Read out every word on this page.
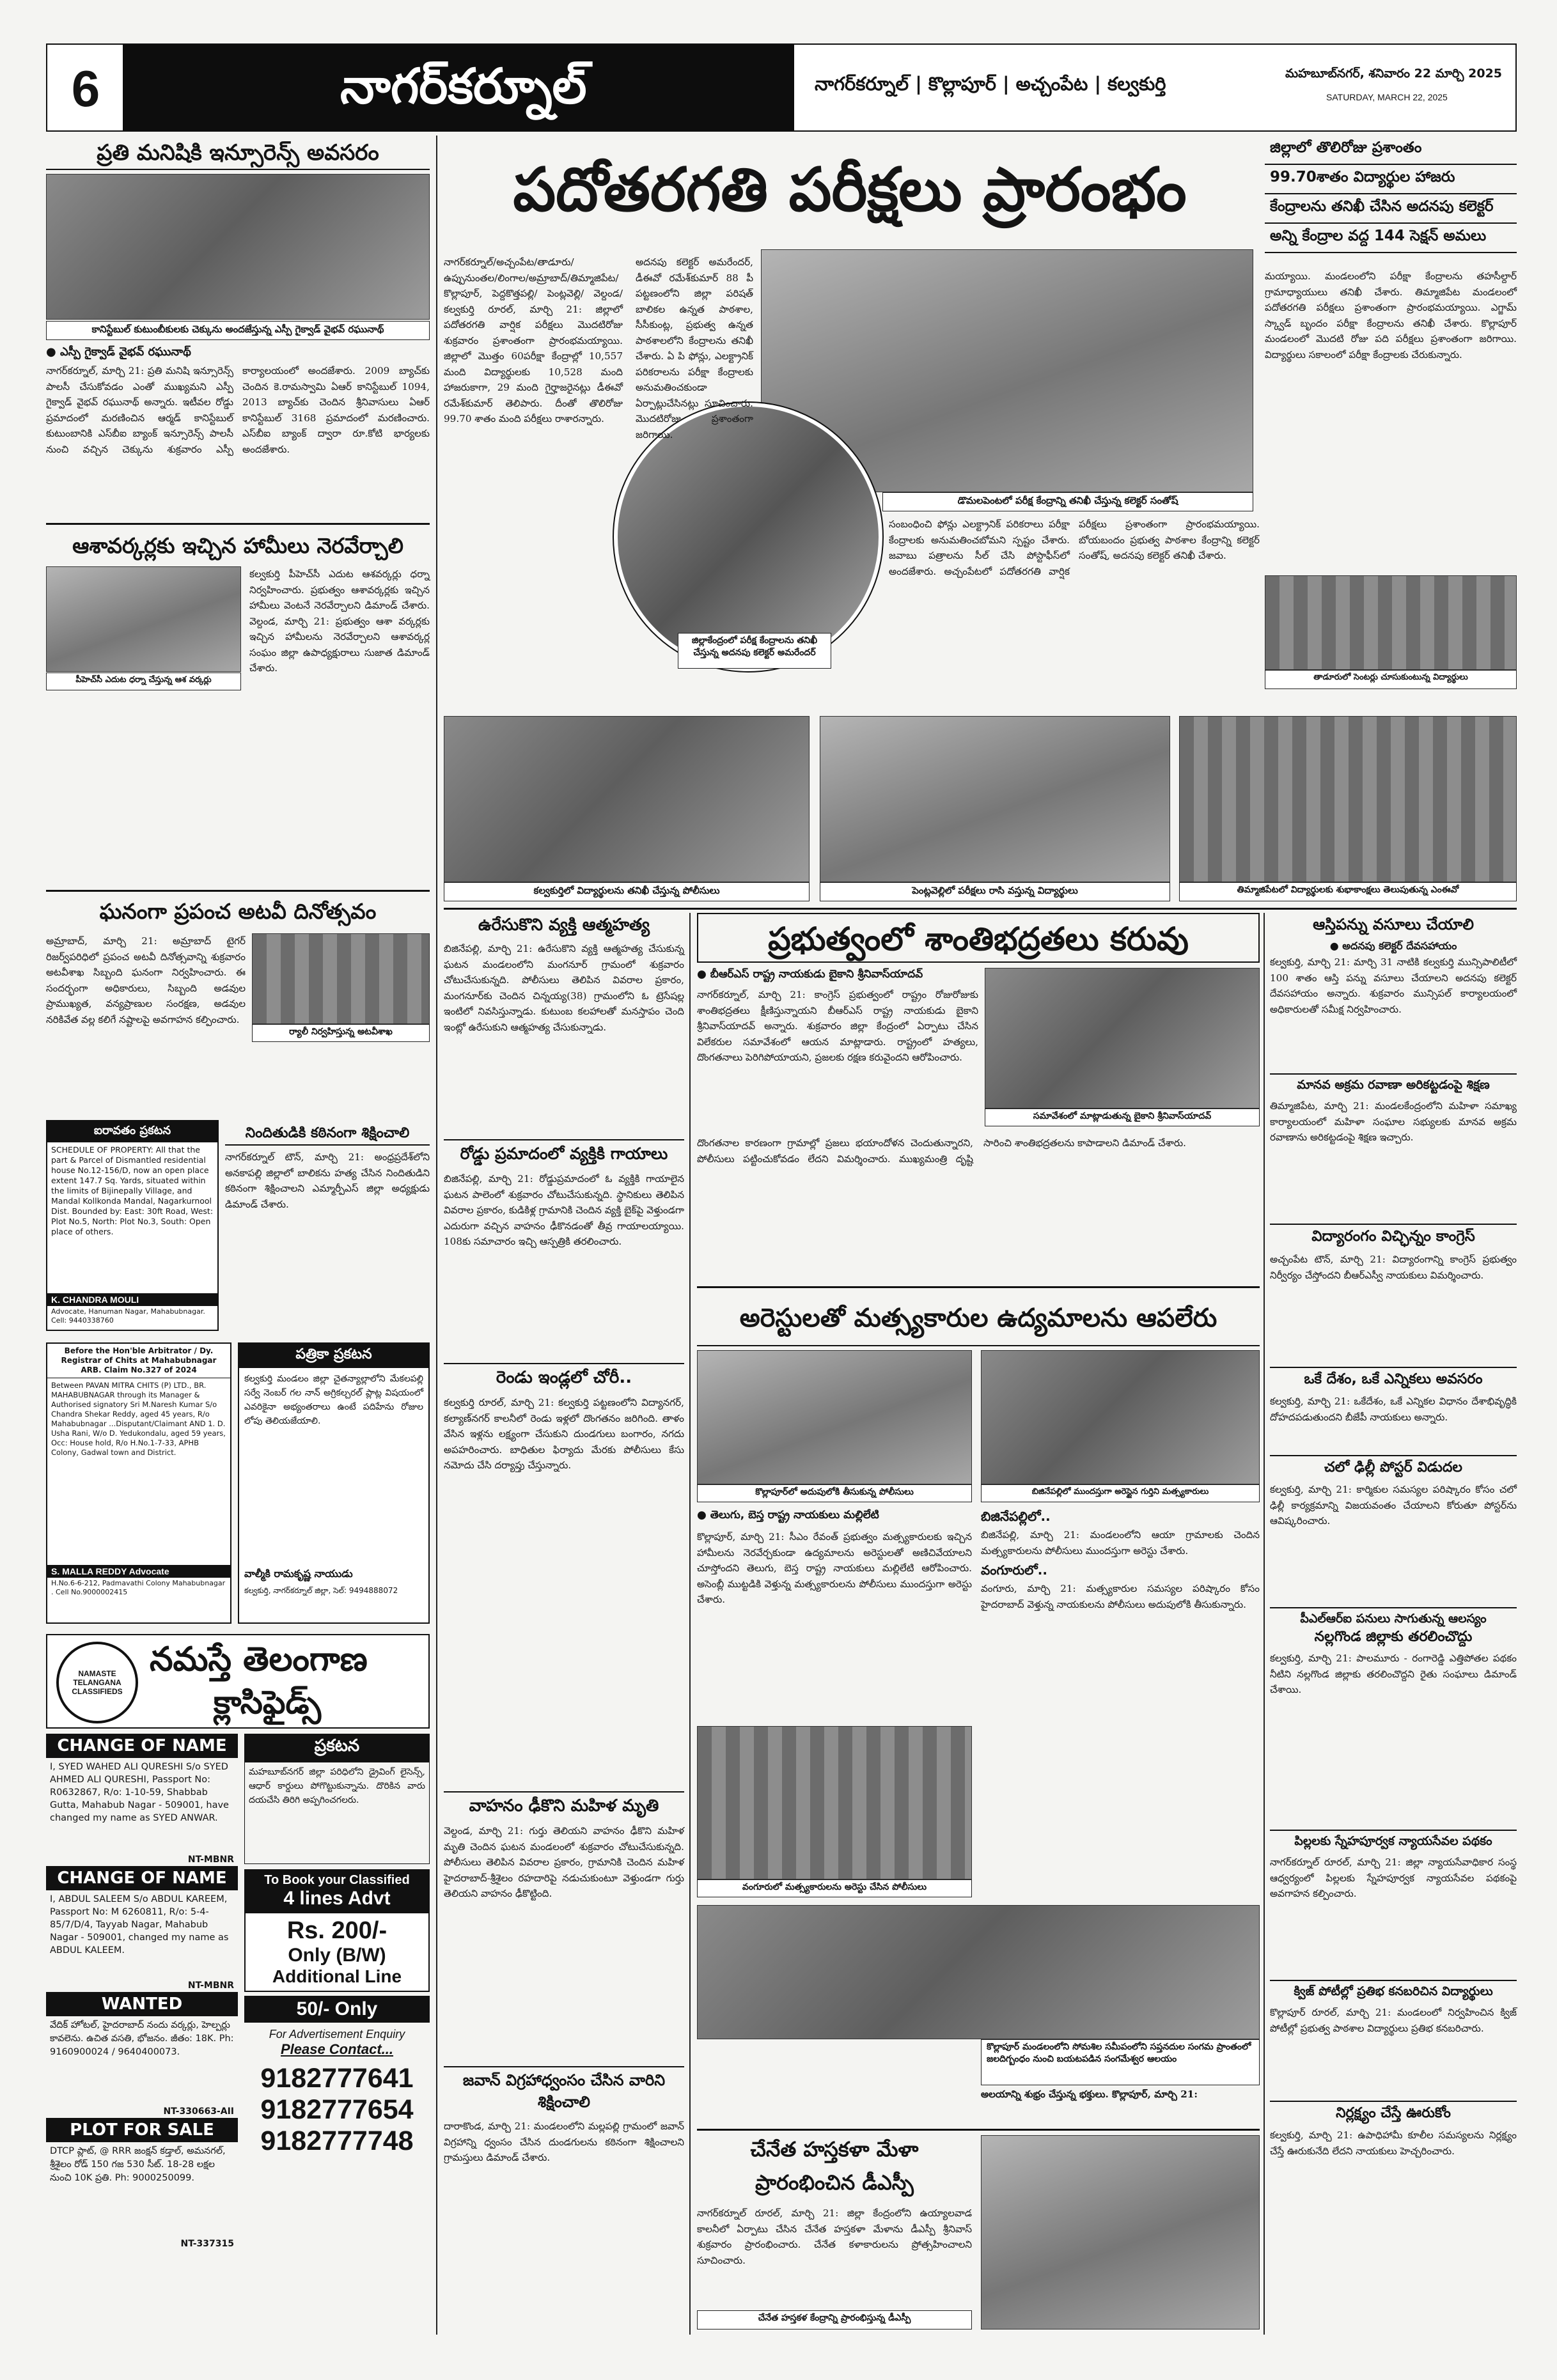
6	నాగర్‌కర్నూల్	నాగర్‌కర్నూల్ | కొల్లాపూర్ | అచ్చంపేట | కల్వకుర్తి	మహబూబ్‌నగర్, శనివారం 22 మార్చి 2025
SATURDAY, MARCH 22, 2025
ప్రతి మనిషికి ఇన్సూరెన్స్ అవసరం
కానిస్టేబుల్ కుటుంబీకులకు చెక్కును అందజేస్తున్న ఎస్పీ గైక్వాడ్ వైభవ్ రఘునాథ్
● ఎస్పీ గైక్వాడ్ వైభవ్ రఘునాథ్
నాగర్‌కర్నూల్, మార్చి 21: ప్రతి మనిషి ఇన్సూరెన్స్ పాలసీ చేసుకోవడం ఎంతో ముఖ్యమని ఎస్పీ గైక్వాడ్ వైభవ్ రఘునాథ్ అన్నారు. ఇటీవల రోడ్డు ప్రమాదంలో మరణించిన ఆర్మడ్ కానిస్టేబుల్ కుటుంబానికి ఎస్‌బీఐ బ్యాంక్ ఇన్సూరెన్స్ పాలసీ నుంచి వచ్చిన చెక్కును శుక్రవారం ఎస్పీ కార్యాలయంలో అందజేశారు. 2009 బ్యాచ్‌కు చెందిన కె.రామస్వామి ఏఆర్ కానిస్టేబుల్ 1094, 2013 బ్యాచ్‌కు చెందిన శ్రీనివాసులు ఏఆర్ కానిస్టేబుల్ 3168 ప్రమాదంలో మరణించారు. ఎస్‌బీఐ బ్యాంక్ ద్వారా రూ.కోటి భార్యలకు అందజేశారు.
ఆశావర్కర్లకు ఇచ్చిన హామీలు నెరవేర్చాలి
పీహెచ్‌సీ ఎదుట ధర్నా చేస్తున్న ఆశ వర్కర్లు
కల్వకుర్తి పీహెచ్‌సీ ఎదుట ఆశవర్కర్లు ధర్నా నిర్వహించారు. ప్రభుత్వం ఆశావర్కర్లకు ఇచ్చిన హామీలు వెంటనే నెరవేర్చాలని డిమాండ్ చేశారు. వెల్దండ, మార్చి 21: ప్రభుత్వం ఆశా వర్కర్లకు ఇచ్చిన హామీలను నెరవేర్చాలని ఆశావర్కర్ల సంఘం జిల్లా ఉపాధ్యక్షురాలు సుజాత డిమాండ్ చేశారు.
ఘనంగా ప్రపంచ అటవీ దినోత్సవం
ర్యాలీ నిర్వహిస్తున్న అటవీశాఖ
అమ్రాబాద్, మార్చి 21: అమ్రాబాద్ టైగర్ రిజర్వ్‌పరిధిలో ప్రపంచ అటవీ దినోత్సవాన్ని శుక్రవారం అటవీశాఖ సిబ్బంది ఘనంగా నిర్వహించారు. ఈ సందర్భంగా అధికారులు, సిబ్బంది అడవుల ప్రాముఖ్యత, వన్యప్రాణుల సంరక్షణ, అడవుల నరికివేత వల్ల కలిగే నష్టాలపై అవగాహన కల్పించారు.
ఐరావతం ప్రకటన
SCHEDULE OF PROPERTY: All that the part & Parcel of Dismantled residential house No.12-156/D, now an open place extent 147.7 Sq. Yards, situated within the limits of Bijinepally Village, and Mandal Kollkonda Mandal, Nagarkurnool Dist. Bounded by: East: 30ft Road, West: Plot No.5, North: Plot No.3, South: Open place of others.
K. CHANDRA MOULI
Advocate, Hanuman Nagar, Mahabubnagar. Cell: 9440338760
నిందితుడికి కఠినంగా శిక్షించాలి
నాగర్‌కర్నూల్ టౌన్, మార్చి 21: అంధ్రప్రదేశ్‌లోని అనకాపల్లి జిల్లాలో బాలికను హత్య చేసిన నిందితుడిని కఠినంగా శిక్షించాలని ఎమ్మార్పీఎస్ జిల్లా అధ్యక్షుడు డిమాండ్ చేశారు.
Before the Hon'ble Arbitrator / Dy. Registrar of Chits at Mahabubnagar ARB. Claim No.327 of 2024
Between PAVAN MITRA CHITS (P) LTD., BR. MAHABUBNAGAR through its Manager & Authorised signatory Sri M.Naresh Kumar S/o Chandra Shekar Reddy, aged 45 years, R/o Mahabubnagar ...Disputant/Claimant AND 1. D. Usha Rani, W/o D. Yedukondalu, aged 59 years, Occ: House hold, R/o H.No.1-7-33, APHB Colony, Gadwal town and District.
S. MALLA REDDY Advocate
H.No.6-6-212, Padmavathi Colony Mahabubnagar . Cell No.9000002415
పత్రికా ప్రకటన
కల్వకుర్తి మండలం జిల్లా చైతన్యాల్లాలోని మేకలపల్లి సర్వే నెంబర్ గల నాన్ అగ్రికల్చరల్ ప్లాట్ల విషయంలో ఎవరికైనా అభ్యంతరాలు ఉంటే పదిహేను రోజుల లోపు తెలియజేయాలి.
వాల్మీకి రామకృష్ణ నాయుడు
కల్వకుర్తి, నాగర్‌కర్నూల్ జిల్లా, సెల్: 9494888072
NAMASTE TELANGANA CLASSIFIEDS
నమస్తే తెలంగాణ
క్లాసిఫైడ్స్
CHANGE OF NAME
I, SYED WAHED ALI QURESHI S/o SYED AHMED ALI QURESHI, Passport No: R0632867, R/o: 1-10-59, Shabbab Gutta, Mahabub Nagar - 509001, have changed my name as SYED ANWAR.
NT-MBNR
CHANGE OF NAME
I, ABDUL SALEEM S/o ABDUL KAREEM, Passport No: M 6260811, R/o: 5-4-85/7/D/4, Tayyab Nagar, Mahabub Nagar - 509001, changed my name as ABDUL KALEEM.
NT-MBNR
WANTED
వేదిక్ హోటల్, హైదరాబాద్ నందు వర్కర్లు, హెల్పర్లు కావలెను. ఉచిత వసతి, భోజనం. జీతం: 18K. Ph: 9160900024 / 9640400073.
NT-330663-AII
PLOT FOR SALE
DTCP ప్లాట్, @ RRR జంక్షన్ కడ్తాల్, అమనగల్, శ్రీశైలం రోడ్ 150 గజ 530 సీట్. 18-28 లక్షల నుంచి 10K ప్రతి. Ph: 9000250099.
NT-337315
ప్రకటన
మహబూబ్‌నగర్ జిల్లా పరిధిలోని డ్రైవింగ్ లైసెన్స్, ఆధార్ కార్డులు పోగొట్టుకున్నాను. దొరికిన వారు దయచేసి తిరిగి అప్పగించగలరు.
To Book your Classified
4 lines Advt
Rs. 200/-
Only (B/W)
Additional Line
50/- Only
For Advertisement Enquiry
Please Contact...
9182777641
9182777654
9182777748
పదోతరగతి పరీక్షలు ప్రారంభం
జిల్లాలో తొలిరోజు ప్రశాంతం
99.70శాతం విద్యార్థుల హాజరు
కేంద్రాలను తనిఖీ చేసిన అదనపు కలెక్టర్
అన్ని కేంద్రాల వద్ద 144 సెక్షన్ అమలు
నాగర్‌కర్నూల్/అచ్చంపేట/తాడూరు/ఉప్పునుంతల/లింగాల/అమ్రాబాద్/తిమ్మాజిపేట/కొల్లాపూర్, పెద్దకొత్తపల్లి/ పెంట్లవెల్లి/ వెల్దండ/కల్వకుర్తి రూరల్, మార్చి 21: జిల్లాలో పదోతరగతి వార్షిక పరీక్షలు మొదటిరోజు శుక్రవారం ప్రశాంతంగా ప్రారంభమయ్యాయి. జిల్లాలో మొత్తం 60పరీక్షా కేంద్రాల్లో 10,557 మంది విద్యార్థులకు 10,528 మంది హాజరుకాగా, 29 మంది గైర్హాజరైనట్లు డీఈవో రమేశ్‌కుమార్ తెలిపారు. దీంతో తొలిరోజు 99.70 శాతం మంది పరీక్షలు రాశారన్నారు.
డొమలపెంటలో పరీక్ష కేంద్రాన్ని తనిఖీ చేస్తున్న కలెక్టర్ సంతోష్
జిల్లాకేంద్రంలో పరీక్ష కేంద్రాలను తనిఖీ చేస్తున్న అదనపు కలెక్టర్ అమరేందర్
అదనపు కలెక్టర్ అమరేందర్, డీఈవో రమేశ్‌కుమార్ 88 పీ పట్టణంలోని జిల్లా పరిషత్ బాలికల ఉన్నత పాఠశాల, సీసీకుంట్ల, ప్రభుత్వ ఉన్నత పాఠశాలలోని కేంద్రాలను తనిఖీ చేశారు. ఏ పి ఫోన్లు, ఎలక్ట్రానిక్ పరికరాలను పరీక్షా కేంద్రాలకు అనుమతించకుండా ఏర్పాట్లుచేసినట్లు సూచించారు. మొదటిరోజు ప్రశాంతంగా జరిగాయి.
సంబంధించి ఫోన్లు ఎలక్ట్రానిక్ పరికరాలు పరీక్షా కేంద్రాలకు అనుమతించబోమని స్పష్టం చేశారు. జవాబు పత్రాలను సీల్ చేసి పోస్టాఫీస్‌లో అందజేశారు. అచ్చంపేటలో పదోతరగతి వార్షిక పరీక్షలు ప్రశాంతంగా ప్రారంభమయ్యాయి. బోయబందం ప్రభుత్వ పాఠశాల కేంద్రాన్ని కలెక్టర్ సంతోష్, అదనపు కలెక్టర్ తనిఖీ చేశారు.
మయ్యాయి. మండలంలోని పరీక్షా కేంద్రాలను తహసీల్దార్ గ్రామాధ్యాయులు తనిఖీ చేశారు. తిమ్మాజిపేట మండలంలో పదోతరగతి పరీక్షలు ప్రశాంతంగా ప్రారంభమయ్యాయి. ఎగ్జామ్ స్క్వాడ్ బృందం పరీక్షా కేంద్రాలను తనిఖీ చేశారు. కొల్లాపూర్ మండలంలో మొదటి రోజు పది పరీక్షలు ప్రశాంతంగా జరిగాయి. విద్యార్థులు సకాలంలో పరీక్షా కేంద్రాలకు చేరుకున్నారు.
తాడూరులో సెంటర్లు చూసుకుంటున్న విద్యార్థులు
కల్వకుర్తిలో విద్యార్థులను తనిఖీ చేస్తున్న పోలీసులు	పెంట్లవెల్లిలో పరీక్షలు రాసి వస్తున్న విద్యార్థులు	తిమ్మాజిపేటలో విద్యార్థులకు శుభాకాంక్షలు తెలుపుతున్న ఎంఈవో
ఉరేసుకొని వ్యక్తి ఆత్మహత్య
బిజినేపల్లి, మార్చి 21: ఉరేసుకొని వ్యక్తి ఆత్మహత్య చేసుకున్న ఘటన మండలంలోని మంగనూర్ గ్రామంలో శుక్రవారం చోటుచేసుకున్నది. పోలీసులు తెలిపిన వివరాల ప్రకారం, మంగనూర్‌కు చెందిన చిన్నయ్య(38) గ్రామంలోని ఓ ట్రెసేషల్ల ఇంటిలో నివసిస్తున్నాడు. కుటుంబ కలహాలతో మనస్తాపం చెంది ఇంట్లో ఉరేసుకుని ఆత్మహత్య చేసుకున్నాడు.
రోడ్డు ప్రమాదంలో వ్యక్తికి గాయాలు
బిజినేపల్లి, మార్చి 21: రోడ్డుప్రమాదంలో ఓ వ్యక్తికి గాయాలైన ఘటన పాలెంలో శుక్రవారం చోటుచేసుకున్నది. స్థానికులు తెలిపిన వివరాల ప్రకారం, కుడికిళ్ల గ్రామానికి చెందిన వ్యక్తి బైక్‌పై వెళ్తుండగా ఎదురుగా వచ్చిన వాహనం ఢీకొనడంతో తీవ్ర గాయాలయ్యాయి. 108కు సమాచారం ఇచ్చి ఆస్పత్రికి తరలించారు.
రెండు ఇండ్లలో చోరీ..
కల్వకుర్తి రూరల్, మార్చి 21: కల్వకుర్తి పట్టణంలోని విద్యానగర్, కల్యాణ్‌నగర్ కాలనీలో రెండు ఇళ్లలో దొంగతనం జరిగింది. తాళం వేసిన ఇళ్లను లక్ష్యంగా చేసుకుని దుండగులు బంగారం, నగదు అపహరించారు. బాధితుల ఫిర్యాదు మేరకు పోలీసులు కేసు నమోదు చేసి దర్యాప్తు చేస్తున్నారు.
వాహనం ఢీకొని మహిళ మృతి
వెల్దండ, మార్చి 21: గుర్తు తెలియని వాహనం ఢీకొని మహిళ మృతి చెందిన ఘటన మండలంలో శుక్రవారం చోటుచేసుకున్నది. పోలీసులు తెలిపిన వివరాల ప్రకారం, గ్రామానికి చెందిన మహిళ హైదరాబాద్-శ్రీశైలం రహదారిపై నడుచుకుంటూ వెళ్తుండగా గుర్తు తెలియని వాహనం ఢీకొట్టింది.
జవాన్ విగ్రహాధ్వంసం చేసిన వారిని శిక్షించాలి
దారాకొండ, మార్చి 21: మండలంలోని మల్లపల్లి గ్రామంలో జవాన్ విగ్రహాన్ని ధ్వంసం చేసిన దుండగులను కఠినంగా శిక్షించాలని గ్రామస్తులు డిమాండ్ చేశారు.
ప్రభుత్వంలో శాంతిభద్రతలు కరువు
● బీఆర్‌ఎస్ రాష్ట్ర నాయకుడు బైకాని శ్రీనివాస్‌యాదవ్
నాగర్‌కర్నూల్, మార్చి 21: కాంగ్రెస్ ప్రభుత్వంలో రాష్ట్రం రోజురోజుకు శాంతిభద్రతలు క్షీణిస్తున్నాయని బీఆర్‌ఎస్ రాష్ట్ర నాయకుడు బైకాని శ్రీనివాస్‌యాదవ్ అన్నారు. శుక్రవారం జిల్లా కేంద్రంలో ఏర్పాటు చేసిన విలేకరుల సమావేశంలో ఆయన మాట్లాడారు. రాష్ట్రంలో హత్యలు, దొంగతనాలు పెరిగిపోయాయని, ప్రజలకు రక్షణ కరువైందని ఆరోపించారు.
సమావేశంలో మాట్లాడుతున్న బైకాని శ్రీనివాస్‌యాదవ్
దొంగతనాల కారణంగా గ్రామాల్లో ప్రజలు భయాందోళన చెందుతున్నారని, పోలీసులు పట్టించుకోవడం లేదని విమర్శించారు. ముఖ్యమంత్రి దృష్టి సారించి శాంతిభద్రతలను కాపాడాలని డిమాండ్ చేశారు.
అరెస్టులతో మత్స్యకారుల ఉద్యమాలను ఆపలేరు
కొల్లాపూర్‌లో అదుపులోకి తీసుకున్న పోలీసులు	బిజినేపల్లిలో ముందస్తుగా అరెస్టైన గుర్తిని మత్స్యకారులు
● తెలుగు, బెస్త రాష్ట్ర నాయకులు మల్లిలేటి
కొల్లాపూర్, మార్చి 21: సీఎం రేవంత్ ప్రభుత్వం మత్స్యకారులకు ఇచ్చిన హామీలను నెరవేర్చకుండా ఉద్యమాలను అరెస్టులతో అణిచివేయాలని చూస్తోందని తెలుగు, బెస్త రాష్ట్ర నాయకులు మల్లిలేటి ఆరోపించారు. అసెంబ్లీ ముట్టడికి వెళ్తున్న మత్స్యకారులను పోలీసులు ముందస్తుగా అరెస్టు చేశారు.
బిజినేపల్లిలో..
బిజినేపల్లి, మార్చి 21: మండలంలోని ఆయా గ్రామాలకు చెందిన మత్స్యకారులను పోలీసులు ముందస్తుగా అరెస్టు చేశారు.
వంగూరులో..
వంగూరు, మార్చి 21: మత్స్యకారుల సమస్యల పరిష్కారం కోసం హైదరాబాద్ వెళ్తున్న నాయకులను పోలీసులు అదుపులోకి తీసుకున్నారు.
వంగూరులో మత్స్యకారులను అరెస్టు చేసిన పోలీసులు
కొల్లాపూర్ మండలంలోని సోమశిల సమీపంలోని సప్తనదుల సంగమ ప్రాంతంలో జలదిగ్బంధం నుంచి బయటపడిన సంగమేశ్వర ఆలయం
అలయాన్ని శుభ్రం చేస్తున్న భక్తులు. కొల్లాపూర్, మార్చి 21:
చేనేత హస్తకళా మేళా ప్రారంభించిన డీఎస్పీ
నాగర్‌కర్నూల్ రూరల్, మార్చి 21: జిల్లా కేంద్రంలోని ఉయ్యాలవాడ కాలనీలో ఏర్పాటు చేసిన చేనేత హస్తకళా మేళాను డీఎస్పీ శ్రీనివాస్ శుక్రవారం ప్రారంభించారు. చేనేత కళాకారులను ప్రోత్సహించాలని సూచించారు.
చేనేత హస్తకళ కేంద్రాన్ని ప్రారంభిస్తున్న డీఎస్పీ
ఆస్తిపన్ను వసూలు చేయాలి
● అదనపు కలెక్టర్ దేవసహాయం
కల్వకుర్తి, మార్చి 21: మార్చి 31 నాటికి కల్వకుర్తి మున్సిపాలిటీలో 100 శాతం ఆస్తి పన్ను వసూలు చేయాలని అదనపు కలెక్టర్ దేవసహాయం అన్నారు. శుక్రవారం మున్సిపల్ కార్యాలయంలో అధికారులతో సమీక్ష నిర్వహించారు.
మానవ అక్రమ రవాణా అరికట్టడంపై శిక్షణ
తిమ్మాజిపేట, మార్చి 21: మండలకేంద్రంలోని మహిళా సమాఖ్య కార్యాలయంలో మహిళా సంఘాల సభ్యులకు మానవ అక్రమ రవాణాను అరికట్టడంపై శిక్షణ ఇచ్చారు.
విద్యారంగం విచ్ఛిన్నం కాంగ్రెస్
అచ్చంపేట టౌన్, మార్చి 21: విద్యారంగాన్ని కాంగ్రెస్ ప్రభుత్వం నిర్వీర్యం చేస్తోందని బీఆర్‌ఎస్వీ నాయకులు విమర్శించారు.
ఒకే దేశం, ఒకే ఎన్నికలు అవసరం
కల్వకుర్తి, మార్చి 21: ఒకేదేశం, ఒకే ఎన్నికల విధానం దేశాభివృద్ధికి దోహదపడుతుందని బీజేపీ నాయకులు అన్నారు.
చలో ఢిల్లీ పోస్టర్ విడుదల
కల్వకుర్తి, మార్చి 21: కార్మికుల సమస్యల పరిష్కారం కోసం చలో ఢిల్లీ కార్యక్రమాన్ని విజయవంతం చేయాలని కోరుతూ పోస్టర్‌ను ఆవిష్కరించారు.
పీఎల్‌ఆర్‌ఐ పనులు సాగుతున్న ఆలస్యం
నల్లగొండ జిల్లాకు తరలించొద్దు
కల్వకుర్తి, మార్చి 21: పాలమూరు - రంగారెడ్డి ఎత్తిపోతల పథకం నీటిని నల్లగొండ జిల్లాకు తరలించొద్దని రైతు సంఘాలు డిమాండ్ చేశాయి.
పిల్లలకు స్నేహపూర్వక న్యాయసేవల పథకం
నాగర్‌కర్నూల్ రూరల్, మార్చి 21: జిల్లా న్యాయసేవాధికార సంస్థ ఆధ్వర్యంలో పిల్లలకు స్నేహపూర్వక న్యాయసేవల పథకంపై అవగాహన కల్పించారు.
క్విజ్ పోటీల్లో ప్రతిభ కనబరిచిన విద్యార్థులు
కొల్లాపూర్ రూరల్, మార్చి 21: మండలంలో నిర్వహించిన క్విజ్ పోటీల్లో ప్రభుత్వ పాఠశాల విద్యార్థులు ప్రతిభ కనబరిచారు.
నిర్లక్ష్యం చేస్తే ఊరుకోం
కల్వకుర్తి, మార్చి 21: ఉపాధిహామీ కూలీల సమస్యలను నిర్లక్ష్యం చేస్తే ఊరుకునేది లేదని నాయకులు హెచ్చరించారు.
